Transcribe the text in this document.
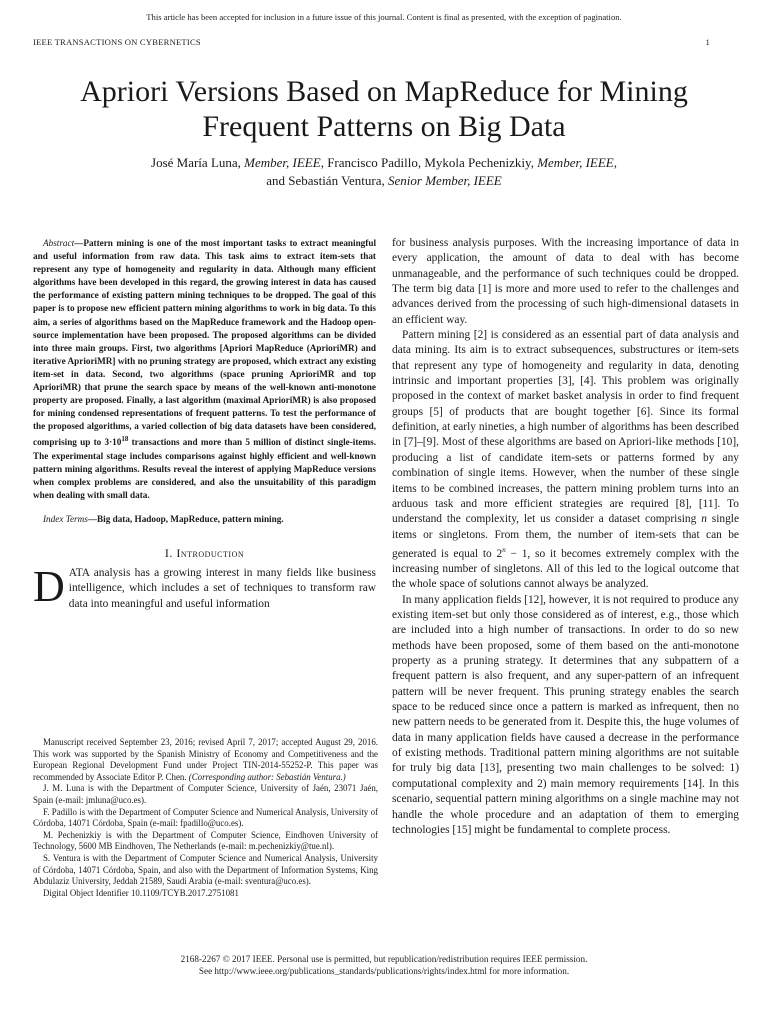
This article has been accepted for inclusion in a future issue of this journal. Content is final as presented, with the exception of pagination.
IEEE TRANSACTIONS ON CYBERNETICS	1
Apriori Versions Based on MapReduce for Mining
Frequent Patterns on Big Data
José María Luna, Member, IEEE, Francisco Padillo, Mykola Pechenizkiy, Member, IEEE,
and Sebastián Ventura, Senior Member, IEEE

Abstract—Pattern mining is one of the most important tasks to extract meaningful and useful information from raw data. This task aims to extract item-sets that represent any type of homogeneity and regularity in data. Although many efficient algorithms have been developed in this regard, the growing interest in data has caused the performance of existing pattern mining techniques to be dropped. The goal of this paper is to propose new efficient pattern mining algorithms to work in big data. To this aim, a series of algorithms based on the MapReduce framework and the Hadoop open-source implementation have been proposed. The proposed algorithms can be divided into three main groups. First, two algorithms [Apriori MapReduce (AprioriMR) and iterative AprioriMR] with no pruning strategy are proposed, which extract any existing item-set in data. Second, two algorithms (space pruning AprioriMR and top AprioriMR) that prune the search space by means of the well-known anti-monotone property are proposed. Finally, a last algorithm (maximal AprioriMR) is also proposed for mining condensed representations of frequent patterns. To test the performance of the proposed algorithms, a varied collection of big data datasets have been considered, comprising up to $3\cdot 10^{18}$ transactions and more than 5 million of distinct single-items. The experimental stage includes comparisons against highly efficient and well-known pattern mining algorithms. Results reveal the interest of applying MapReduce versions when complex problems are considered, and also the unsuitability of this paradigm when dealing with small data.

Index Terms—Big data, Hadoop, MapReduce, pattern mining.

I. Introduction

DATA analysis has a growing interest in many fields like business intelligence, which includes a set of techniques to transform raw data into meaningful and useful information

Manuscript received September 23, 2016; revised April 7, 2017; accepted August 29, 2016. This work was supported by the Spanish Ministry of Economy and Competitiveness and the European Regional Development Fund under Project TIN-2014-55252-P. This paper was recommended by Associate Editor P. Chen. (Corresponding author: Sebastián Ventura.)

J. M. Luna is with the Department of Computer Science, University of Jaén, 23071 Jaén, Spain (e-mail: jmluna@uco.es).

F. Padillo is with the Department of Computer Science and Numerical Analysis, University of Córdoba, 14071 Córdoba, Spain (e-mail: fpadillo@uco.es).

M. Pechenizkiy is with the Department of Computer Science, Eindhoven University of Technology, 5600 MB Eindhoven, The Netherlands (e-mail: m.pechenizkiy@tue.nl).

S. Ventura is with the Department of Computer Science and Numerical Analysis, University of Córdoba, 14071 Córdoba, Spain, and also with the Department of Information Systems, King Abdulaziz University, Jeddah 21589, Saudi Arabia (e-mail: sventura@uco.es).

Digital Object Identifier 10.1109/TCYB.2017.2751081

for business analysis purposes. With the increasing importance of data in every application, the amount of data to deal with has become unmanageable, and the performance of such techniques could be dropped. The term big data [1] is more and more used to refer to the challenges and advances derived from the processing of such high-dimensional datasets in an efficient way.

Pattern mining [2] is considered as an essential part of data analysis and data mining. Its aim is to extract subsequences, substructures or item-sets that represent any type of homogeneity and regularity in data, denoting intrinsic and important properties [3], [4]. This problem was originally proposed in the context of market basket analysis in order to find frequent groups [5] of products that are bought together [6]. Since its formal definition, at early nineties, a high number of algorithms has been described in [7]–[9]. Most of these algorithms are based on Apriori-like methods [10], producing a list of candidate item-sets or patterns formed by any combination of single items. However, when the number of these single items to be combined increases, the pattern mining problem turns into an arduous task and more efficient strategies are required [8], [11]. To understand the complexity, let us consider a dataset comprising n single items or singletons. From them, the number of item-sets that can be generated is equal to $2^n - 1$, so it becomes extremely complex with the increasing number of singletons. All of this led to the logical outcome that the whole space of solutions cannot always be analyzed.

In many application fields [12], however, it is not required to produce any existing item-set but only those considered as of interest, e.g., those which are included into a high number of transactions. In order to do so new methods have been proposed, some of them based on the anti-monotone property as a pruning strategy. It determines that any subpattern of a frequent pattern is also frequent, and any super-pattern of an infrequent pattern will be never frequent. This pruning strategy enables the search space to be reduced since once a pattern is marked as infrequent, then no new pattern needs to be generated from it. Despite this, the huge volumes of data in many application fields have caused a decrease in the performance of existing methods. Traditional pattern mining algorithms are not suitable for truly big data [13], presenting two main challenges to be solved: 1) computational complexity and 2) main memory requirements [14]. In this scenario, sequential pattern mining algorithms on a single machine may not handle the whole procedure and an adaptation of them to emerging technologies [15] might be fundamental to complete process.

2168-2267 © 2017 IEEE. Personal use is permitted, but republication/redistribution requires IEEE permission.

See http://www.ieee.org/publications_standards/publications/rights/index.html for more information.
